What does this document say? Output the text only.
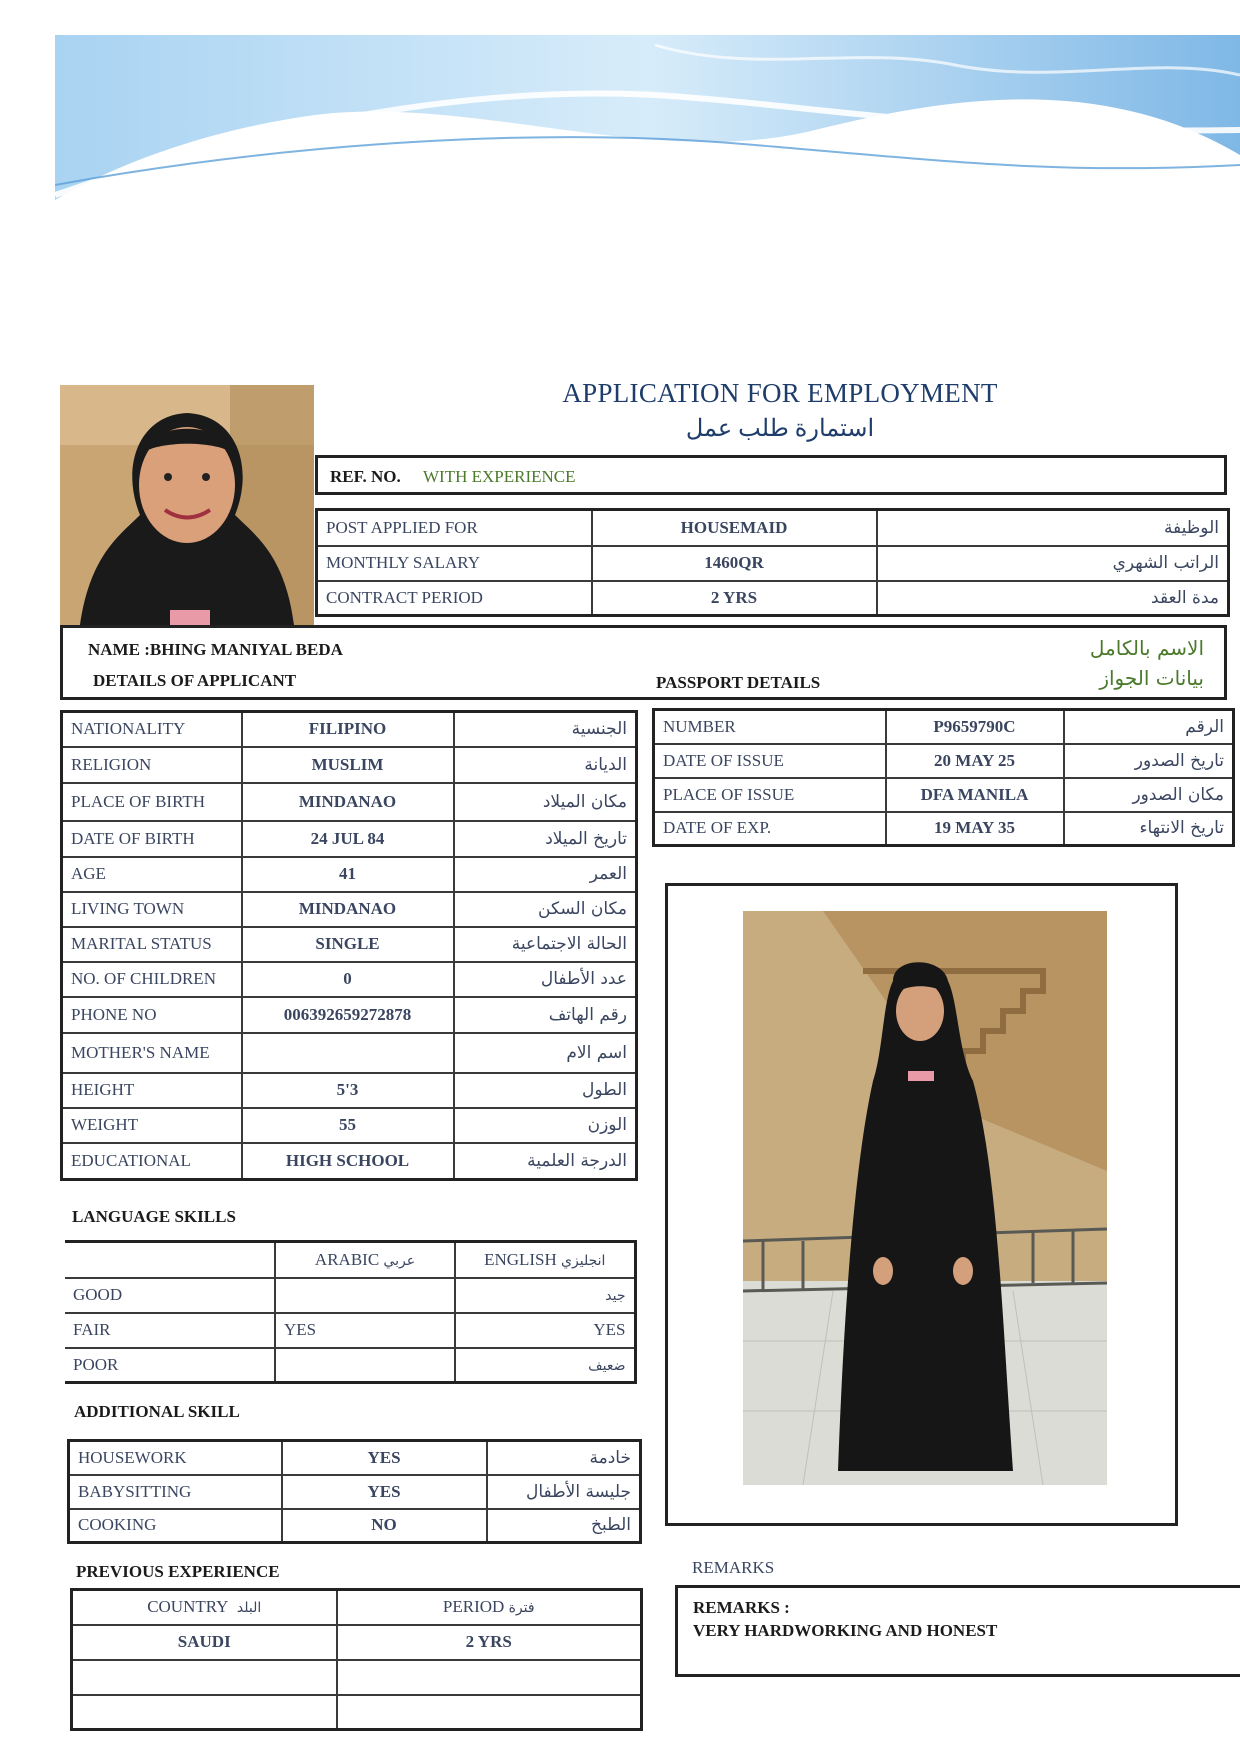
APPLICATION FOR EMPLOYMENT
استمارة طلب عمل
REF. NO. WITH EXPERIENCE
POST APPLIED FOR	HOUSEMAID	الوظيفة
MONTHLY SALARY	1460QR	الراتب الشهري
CONTRACT PERIOD	2 YRS	مدة العقد
NAME :BHING MANIYAL BEDA
DETAILS OF APPLICANT	PASSPORT DETAILS
الاسم بالكامل
بيانات الجواز
NATIONALITY	FILIPINO	الجنسية
RELIGION	MUSLIM	الديانة
PLACE OF BIRTH	MINDANAO	مكان الميلاد
DATE OF BIRTH	24 JUL 84	تاريخ الميلاد
AGE	41	العمر
LIVING TOWN	MINDANAO	مكان السكن
MARITAL STATUS	SINGLE	الحالة الاجتماعية
NO. OF CHILDREN	0	عدد الأطفال
PHONE NO	006392659272878	رقم الهاتف
MOTHER'S NAME		اسم الام
HEIGHT	5'3	الطول
WEIGHT	55	الوزن
EDUCATIONAL	HIGH SCHOOL	الدرجة العلمية
NUMBER	P9659790C	الرقم
DATE OF ISSUE	20 MAY 25	تاريخ الصدور
PLACE OF ISSUE	DFA MANILA	مكان الصدور
DATE OF EXP.	19 MAY 35	تاريخ الانتهاء
LANGUAGE SKILLS
	ARABIC عربي	ENGLISH انجليزي
GOOD		جيد
FAIR	YES	YES
POOR		ضعيف
ADDITIONAL SKILL
HOUSEWORK	YES	خادمة
BABYSITTING	YES	جليسة الأطفال
COOKING	NO	الطبخ
PREVIOUS EXPERIENCE
COUNTRY البلد	PERIOD فترة
SAUDI	2 YRS

REMARKS
REMARKS :
VERY HARDWORKING AND HONEST
